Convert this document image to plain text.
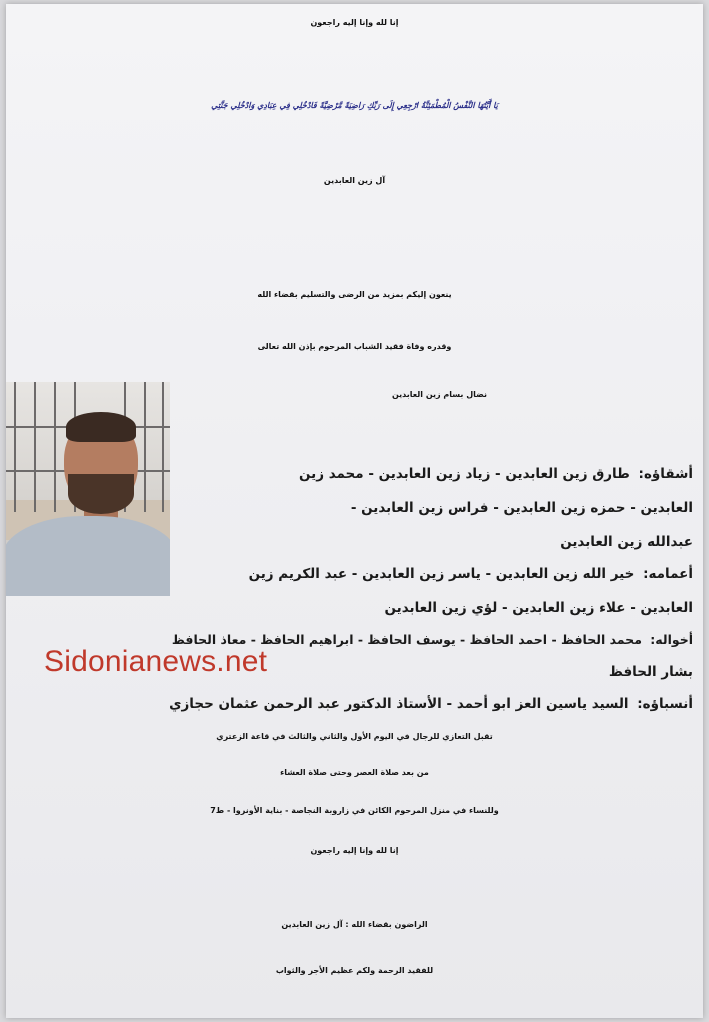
إنا لله وإنا إليه راجعون
يَا أَيَّتُهَا النَّفْسُ الْمُطْمَئِنَّةُ ارْجِعِي إِلَى رَبِّكِ رَاضِيَةً مَّرْضِيَّةً فَادْخُلِي فِي عِبَادِي وَادْخُلِي جَنَّتِي
آل زين العابدين
ينعون إليكم بمزيد من الرضى والتسليم بقضاء الله
وقدره وفاة فقيد الشباب المرحوم بإذن الله تعالى
نضال بسام زين العابدين
أشقاؤه: طارق زين العابدين - زياد زين العابدين - محمد زين
العابدين - حمزه زين العابدين - فراس زين العابدين -
عبدالله زين العابدين
أعمامه: خير الله زين العابدين - ياسر زين العابدين - عبد الكريم زين
العابدين - علاء زين العابدين - لؤي زين العابدين
أخواله: محمد الحافظ - احمد الحافظ - يوسف الحافظ - ابراهيم الحافظ - معاذ الحافظ
بشار الحافظ
أنسباؤه: السيد ياسين العز ابو أحمد - الأستاذ الدكتور عبد الرحمن عثمان حجازي
Sidonianews.net
تقبل التعازي للرجال في اليوم الأول والثاني والثالث في قاعة الزعتري
من بعد صلاة العصر وحتى صلاة العشاء
وللنساء في منزل المرحوم الكائن في زاروبة النجاصة - بناية الأونروا - ط7
إنا لله وإنا إليه راجعون
الراضون بقضاء الله : آل زين العابدين
للفقيد الرحمة ولكم عظيم الأجر والثواب
